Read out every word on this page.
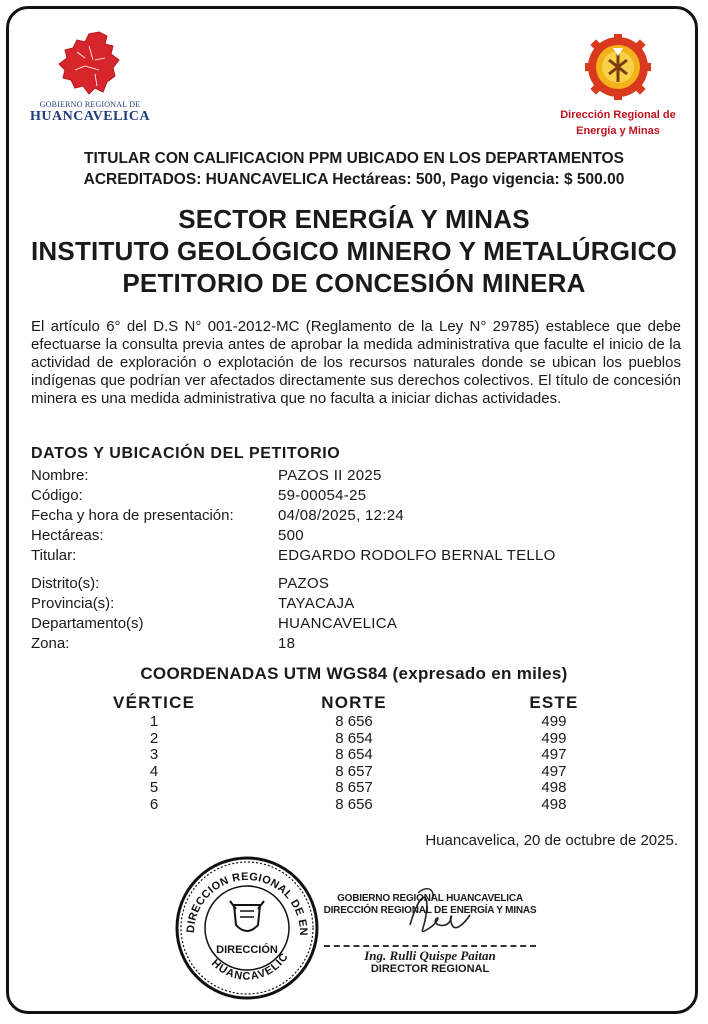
GOBIERNO REGIONAL DE
HUANCAVELICA	Dirección Regional de
Energía y Minas
TITULAR CON CALIFICACION PPM UBICADO EN LOS DEPARTAMENTOS
ACREDITADOS: HUANCAVELICA Hectáreas: 500, Pago vigencia: $ 500.00
SECTOR ENERGÍA Y MINAS
INSTITUTO GEOLÓGICO MINERO Y METALÚRGICO
PETITORIO DE CONCESIÓN MINERA
El artículo 6° del D.S N° 001-2012-MC (Reglamento de la Ley N° 29785) establece que debe efectuarse la consulta previa antes de aprobar la medida administrativa que faculte el inicio de la actividad de exploración o explotación de los recursos naturales donde se ubican los pueblos indígenas que podrían ver afectados directamente sus derechos colectivos. El título de concesión minera es una medida administrativa que no faculta a iniciar dichas actividades.
DATOS Y UBICACIÓN DEL PETITORIO
Nombre:	PAZOS II 2025
Código:	59-00054-25
Fecha y hora de presentación:	04/08/2025, 12:24
Hectáreas:	500
Titular:	EDGARDO RODOLFO BERNAL TELLO
Distrito(s):	PAZOS
Provincia(s):	TAYACAJA
Departamento(s)	HUANCAVELICA
Zona:	18
COORDENADAS UTM WGS84 (expresado en miles)
VÉRTICE	NORTE	ESTE
1	8 656	499
2	8 654	499
3	8 654	497
4	8 657	497
5	8 657	498
6	8 656	498
Huancavelica, 20 de octubre de 2025.
DIRECCION REGIONAL DE EN
HUANCAVELIC
DIRECCIÓN
GOBIERNO REGIONAL HUANCAVELICA
DIRECCIÓN REGIONAL DE ENERGÍA Y MINAS
Ing. Rulli Quispe Paitan
DIRECTOR REGIONAL
